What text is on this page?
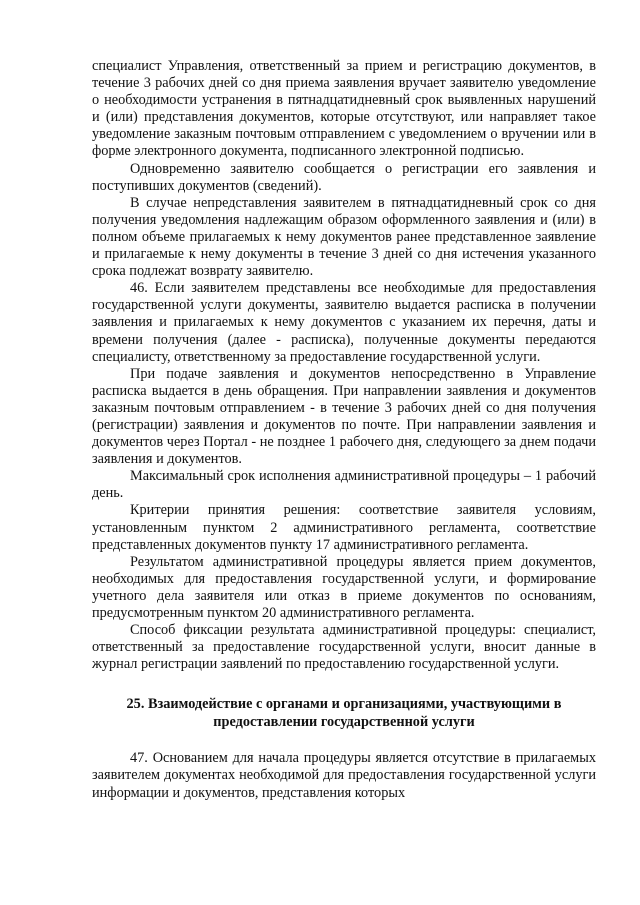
специалист Управления, ответственный за прием и регистрацию документов, в течение 3 рабочих дней со дня приема заявления вручает заявителю уведомление о необходимости устранения в пятнадцатидневный срок выявленных нарушений и (или) представления документов, которые отсутствуют, или направляет такое уведомление заказным почтовым отправлением с уведомлением о вручении или в форме электронного документа, подписанного электронной подписью.

Одновременно заявителю сообщается о регистрации его заявления и поступивших документов (сведений).

В случае непредставления заявителем в пятнадцатидневный срок со дня получения уведомления надлежащим образом оформленного заявления и (или) в полном объеме прилагаемых к нему документов ранее представленное заявление и прилагаемые к нему документы в течение 3 дней со дня истечения указанного срока подлежат возврату заявителю.

46. Если заявителем представлены все необходимые для предоставления государственной услуги документы, заявителю выдается расписка в получении заявления и прилагаемых к нему документов с указанием их перечня, даты и времени получения (далее - расписка), полученные документы передаются специалисту, ответственному за предоставление государственной услуги.

При подаче заявления и документов непосредственно в Управление расписка выдается в день обращения. При направлении заявления и документов заказным почтовым отправлением - в течение 3 рабочих дней со дня получения (регистрации) заявления и документов по почте. При направлении заявления и документов через Портал - не позднее 1 рабочего дня, следующего за днем подачи заявления и документов.

Максимальный срок исполнения административной процедуры – 1 рабочий день.

Критерии принятия решения: соответствие заявителя условиям, установленным пунктом 2 административного регламента, соответствие представленных документов пункту 17 административного регламента.

Результатом административной процедуры является прием документов, необходимых для предоставления государственной услуги, и формирование учетного дела заявителя или отказ в приеме документов по основаниям, предусмотренным пунктом 20 административного регламента.

Способ фиксации результата административной процедуры: специалист, ответственный за предоставление государственной услуги, вносит данные в журнал регистрации заявлений по предоставлению государственной услуги.

25. Взаимодействие с органами и организациями, участвующими в предоставлении государственной услуги

47. Основанием для начала процедуры является отсутствие в прилагаемых заявителем документах необходимой для предоставления государственной услуги информации и документов, представления которых
